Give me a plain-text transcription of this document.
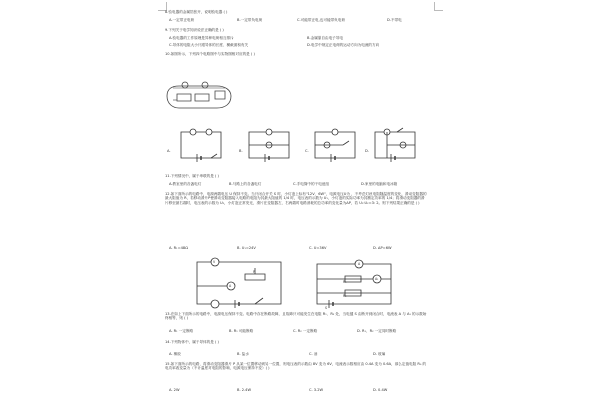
8.验电器的金属箔张开，说明验电器 ( )
A.一定带正电荷	B.一定带负电荷	C.可能带正电,也可能带负电荷	D.不带电
9.下列关于电学知识说法正确的是 ( )
A.验电器的工作原理是异种电荷相互排斥	B.金属靠自由电子导电
C.导体的电阻大小只跟导体的长度、横截面积有关	D.电学中规定正电荷的运动方向为电流的方向
10.如图所示，下列四个电路图中与实物图相对应的是 ( )
A.	B.	C.	D.
11.下列情况中，属于串联的是 ( )
A.教室里的各盏电灯	B.马路上的各盏电灯	C.手电筒中的干电池组	D.家里的电脑和电冰箱
12.如下面所示的电路中，电源两端电压 U 保持不变。当只闭合开关 S 时，小灯泡上标有"12V、6W"，电源电压U为 ，不考虑灯丝电阻随温度的变化，滑动变阻器的最大阻值为 R，若移动滑片P使滑动变阻器接入电路的电阻为其最大阻值的 1/4 时，电压表的示数为 U₁，小灯泡的实际功率为其额定功率的 1/4；将滑动变阻器的滑片移至最右端时，电压表的示数为 U₂，小灯泡正常发光，滑片在变阻器左、右两端时电路消耗的总功率的变化量为ΔP，若 U₁:U₂=3: 2。则下列结果正确的是 ( )
A. R₁=48Ω	B. U₁=24V	C. U=36V	D. ΔP=6W
V
P
A
A
A₁
R₁
R₂
S
13.在如上下面所示的电路中，电源电压保持不变。电路中存在断路故障，且故障只可能发生在电阻 R₁、R₂ 处，当电键 S 由断开到闭合时，电流表 A 与 A₁ 的示数始终相等，则 ( )
A. R₁ 一定断路	B. R₁ 可能断路	C. R₂ 一定断路	D. R₁、R₂ 一定同时断路
14.下列物体中，属于导体的是 ( )
A. 橡胶	B. 盐水	C. 油	D. 玻璃
15.如下面所示的电路，将滑动变阻器滑片 P 从某一位置移动到另一位置，则电压表的示数由 8V 变为 6V，电流表示数相应由 0.4A 变为 0.6A，那么定值电阻 R₀ 的电功率改变量为（不计温度对电阻的影响，电源电压保持不变）( )
A. 2W	B. 2.4W	C. 3.2W	D. 0.4W
